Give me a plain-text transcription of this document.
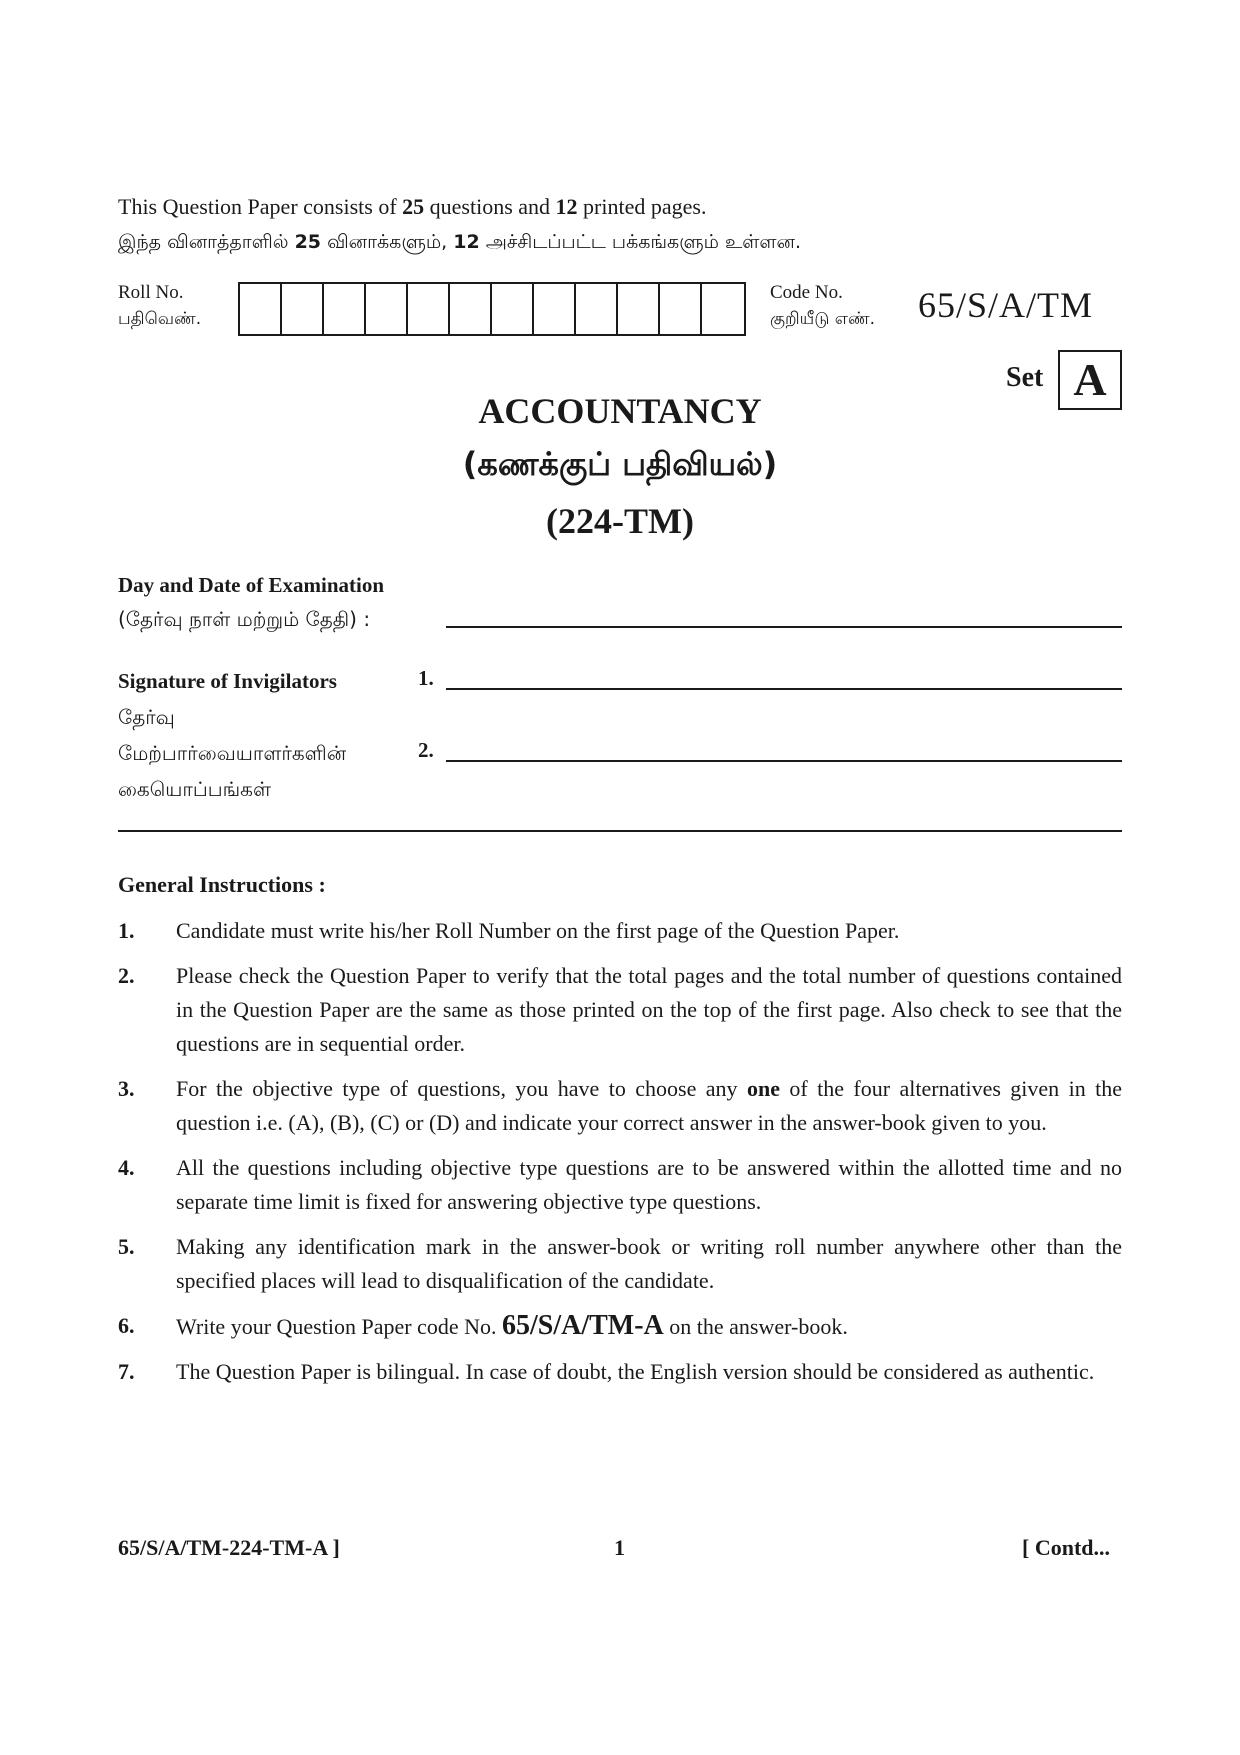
This Question Paper consists of 25 questions and 12 printed pages.
இந்த வினாத்தாளில் 25 வினாக்களும், 12 அச்சிடப்பட்ட பக்கங்களும் உள்ளன.
Roll No.
பதிவெண்.
Code No.
குறியீடு எண். 65/S/A/TM
Set A
ACCOUNTANCY
(கணக்குப் பதிவியல்)
(224-TM)
Day and Date of Examination
(தேர்வு நாள் மற்றும் தேதி) :
Signature of Invigilators	1.
தேர்வு
மேற்பார்வையாளர்களின்	2.
கையொப்பங்கள்
General Instructions :
1.	Candidate must write his/her Roll Number on the first page of the Question Paper.
2.	Please check the Question Paper to verify that the total pages and the total number of questions contained in the Question Paper are the same as those printed on the top of the first page. Also check to see that the questions are in sequential order.
3.	For the objective type of questions, you have to choose any one of the four alternatives given in the question i.e. (A), (B), (C) or (D) and indicate your correct answer in the answer-book given to you.
4.	All the questions including objective type questions are to be answered within the allotted time and no separate time limit is fixed for answering objective type questions.
5.	Making any identification mark in the answer-book or writing roll number anywhere other than the specified places will lead to disqualification of the candidate.
6.	Write your Question Paper code No. 65/S/A/TM-A on the answer-book.
7.	The Question Paper is bilingual. In case of doubt, the English version should be considered as authentic.
65/S/A/TM-224-TM-A ]	1	[ Contd...
